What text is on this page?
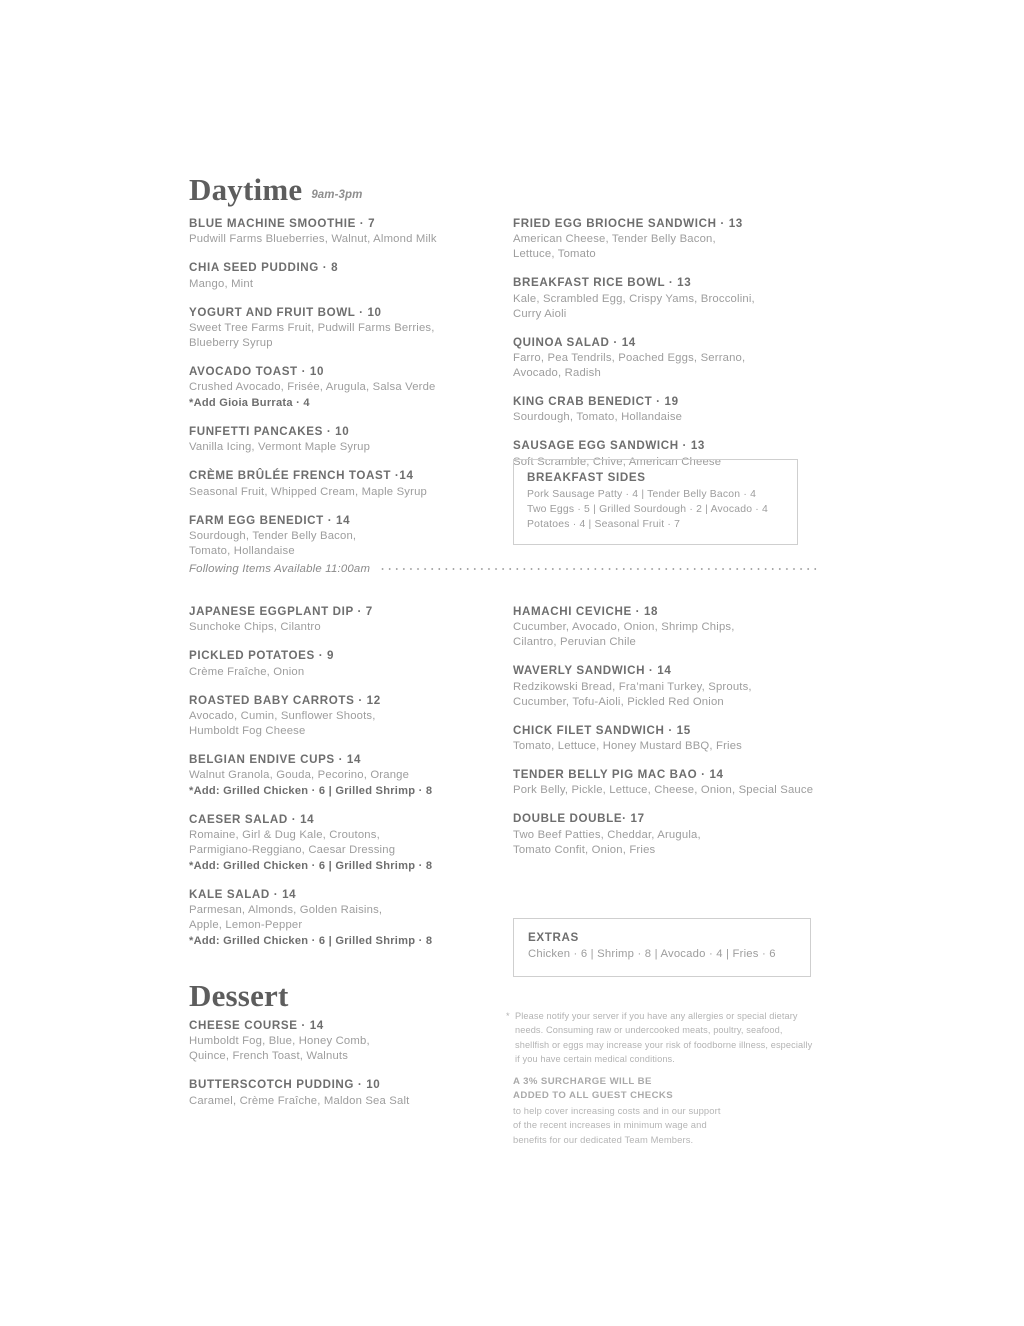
Daytime 9am-3pm
BLUE MACHINE SMOOTHIE · 7
Pudwill Farms Blueberries, Walnut, Almond Milk
CHIA SEED PUDDING · 8
Mango, Mint
YOGURT AND FRUIT BOWL · 10
Sweet Tree Farms Fruit, Pudwill Farms Berries,
Blueberry Syrup
AVOCADO TOAST · 10
Crushed Avocado, Frisée, Arugula, Salsa Verde
*Add Gioia Burrata · 4
FUNFETTI PANCAKES · 10
Vanilla Icing, Vermont Maple Syrup
CRÈME BRÛLÉE FRENCH TOAST ·14
Seasonal Fruit, Whipped Cream, Maple Syrup
FARM EGG BENEDICT · 14
Sourdough, Tender Belly Bacon,
Tomato, Hollandaise
FRIED EGG BRIOCHE SANDWICH · 13
American Cheese, Tender Belly Bacon,
Lettuce, Tomato
BREAKFAST RICE BOWL · 13
Kale, Scrambled Egg, Crispy Yams, Broccolini,
Curry Aioli
QUINOA SALAD · 14
Farro, Pea Tendrils, Poached Eggs, Serrano,
Avocado, Radish
KING CRAB BENEDICT · 19
Sourdough, Tomato, Hollandaise
SAUSAGE EGG SANDWICH · 13
Soft Scramble, Chive, American Cheese
BREAKFAST SIDES
Pork Sausage Patty · 4 | Tender Belly Bacon · 4
Two Eggs · 5 | Grilled Sourdough · 2 | Avocado · 4
Potatoes · 4 | Seasonal Fruit · 7
Following Items Available 11:00am
JAPANESE EGGPLANT DIP · 7
Sunchoke Chips, Cilantro
PICKLED POTATOES · 9
Crème Fraîche, Onion
ROASTED BABY CARROTS · 12
Avocado, Cumin, Sunflower Shoots,
Humboldt Fog Cheese
BELGIAN ENDIVE CUPS · 14
Walnut Granola, Gouda, Pecorino, Orange
*Add: Grilled Chicken · 6 | Grilled Shrimp · 8
CAESER SALAD · 14
Romaine, Girl & Dug Kale, Croutons,
Parmigiano-Reggiano, Caesar Dressing
*Add: Grilled Chicken · 6 | Grilled Shrimp · 8
KALE SALAD · 14
Parmesan, Almonds, Golden Raisins,
Apple, Lemon-Pepper
*Add: Grilled Chicken · 6 | Grilled Shrimp · 8
HAMACHI CEVICHE · 18
Cucumber, Avocado, Onion, Shrimp Chips,
Cilantro, Peruvian Chile
WAVERLY SANDWICH · 14
Redzikowski Bread, Fra’mani Turkey, Sprouts,
Cucumber, Tofu-Aioli, Pickled Red Onion
CHICK FILET SANDWICH · 15
Tomato, Lettuce, Honey Mustard BBQ, Fries
TENDER BELLY PIG MAC BAO · 14
Pork Belly, Pickle, Lettuce, Cheese, Onion, Special Sauce
DOUBLE DOUBLE· 17
Two Beef Patties, Cheddar, Arugula,
Tomato Confit, Onion, Fries
EXTRAS
Chicken · 6 | Shrimp · 8 | Avocado · 4 | Fries · 6
Dessert
CHEESE COURSE · 14
Humboldt Fog, Blue, Honey Comb,
Quince, French Toast, Walnuts
BUTTERSCOTCH PUDDING · 10
Caramel, Crème Fraîche, Maldon Sea Salt
* Please notify your server if you have any allergies or special dietary needs. Consuming raw or undercooked meats, poultry, seafood, shellfish or eggs may increase your risk of foodborne illness, especially if you have certain medical conditions.
A 3% SURCHARGE WILL BE
ADDED TO ALL GUEST CHECKS
to help cover increasing costs and in our support
of the recent increases in minimum wage and
benefits for our dedicated Team Members.
